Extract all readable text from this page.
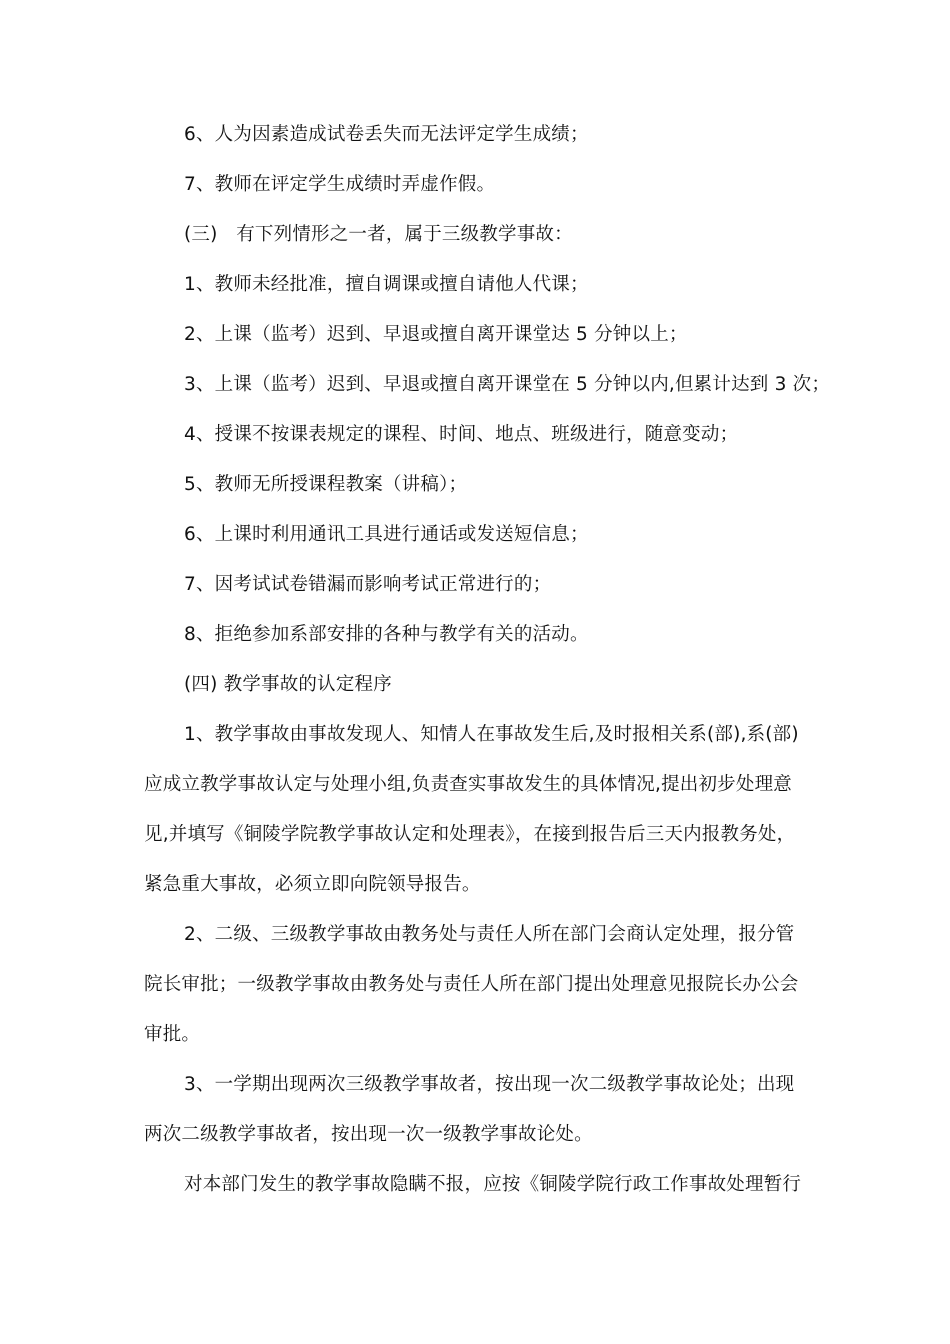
6、人为因素造成试卷丢失而无法评定学生成绩；
7、教师在评定学生成绩时弄虚作假。
(三)　有下列情形之一者，属于三级教学事故：
1、教师未经批准，擅自调课或擅自请他人代课；
2、上课（监考）迟到、早退或擅自离开课堂达 5 分钟以上；
3、上课（监考）迟到、早退或擅自离开课堂在 5 分钟以内,但累计达到 3 次；
4、授课不按课表规定的课程、时间、地点、班级进行，随意变动；
5、教师无所授课程教案（讲稿）；
6、上课时利用通讯工具进行通话或发送短信息；
7、因考试试卷错漏而影响考试正常进行的；
8、拒绝参加系部安排的各种与教学有关的活动。
(四) 教学事故的认定程序
1、教学事故由事故发现人、知情人在事故发生后,及时报相关系(部),系(部)
应成立教学事故认定与处理小组,负责查实事故发生的具体情况,提出初步处理意
见,并填写《铜陵学院教学事故认定和处理表》，在接到报告后三天内报教务处，
紧急重大事故，必须立即向院领导报告。
2、二级、三级教学事故由教务处与责任人所在部门会商认定处理，报分管
院长审批；一级教学事故由教务处与责任人所在部门提出处理意见报院长办公会
审批。
3、一学期出现两次三级教学事故者，按出现一次二级教学事故论处；出现
两次二级教学事故者，按出现一次一级教学事故论处。
对本部门发生的教学事故隐瞒不报，应按《铜陵学院行政工作事故处理暂行
